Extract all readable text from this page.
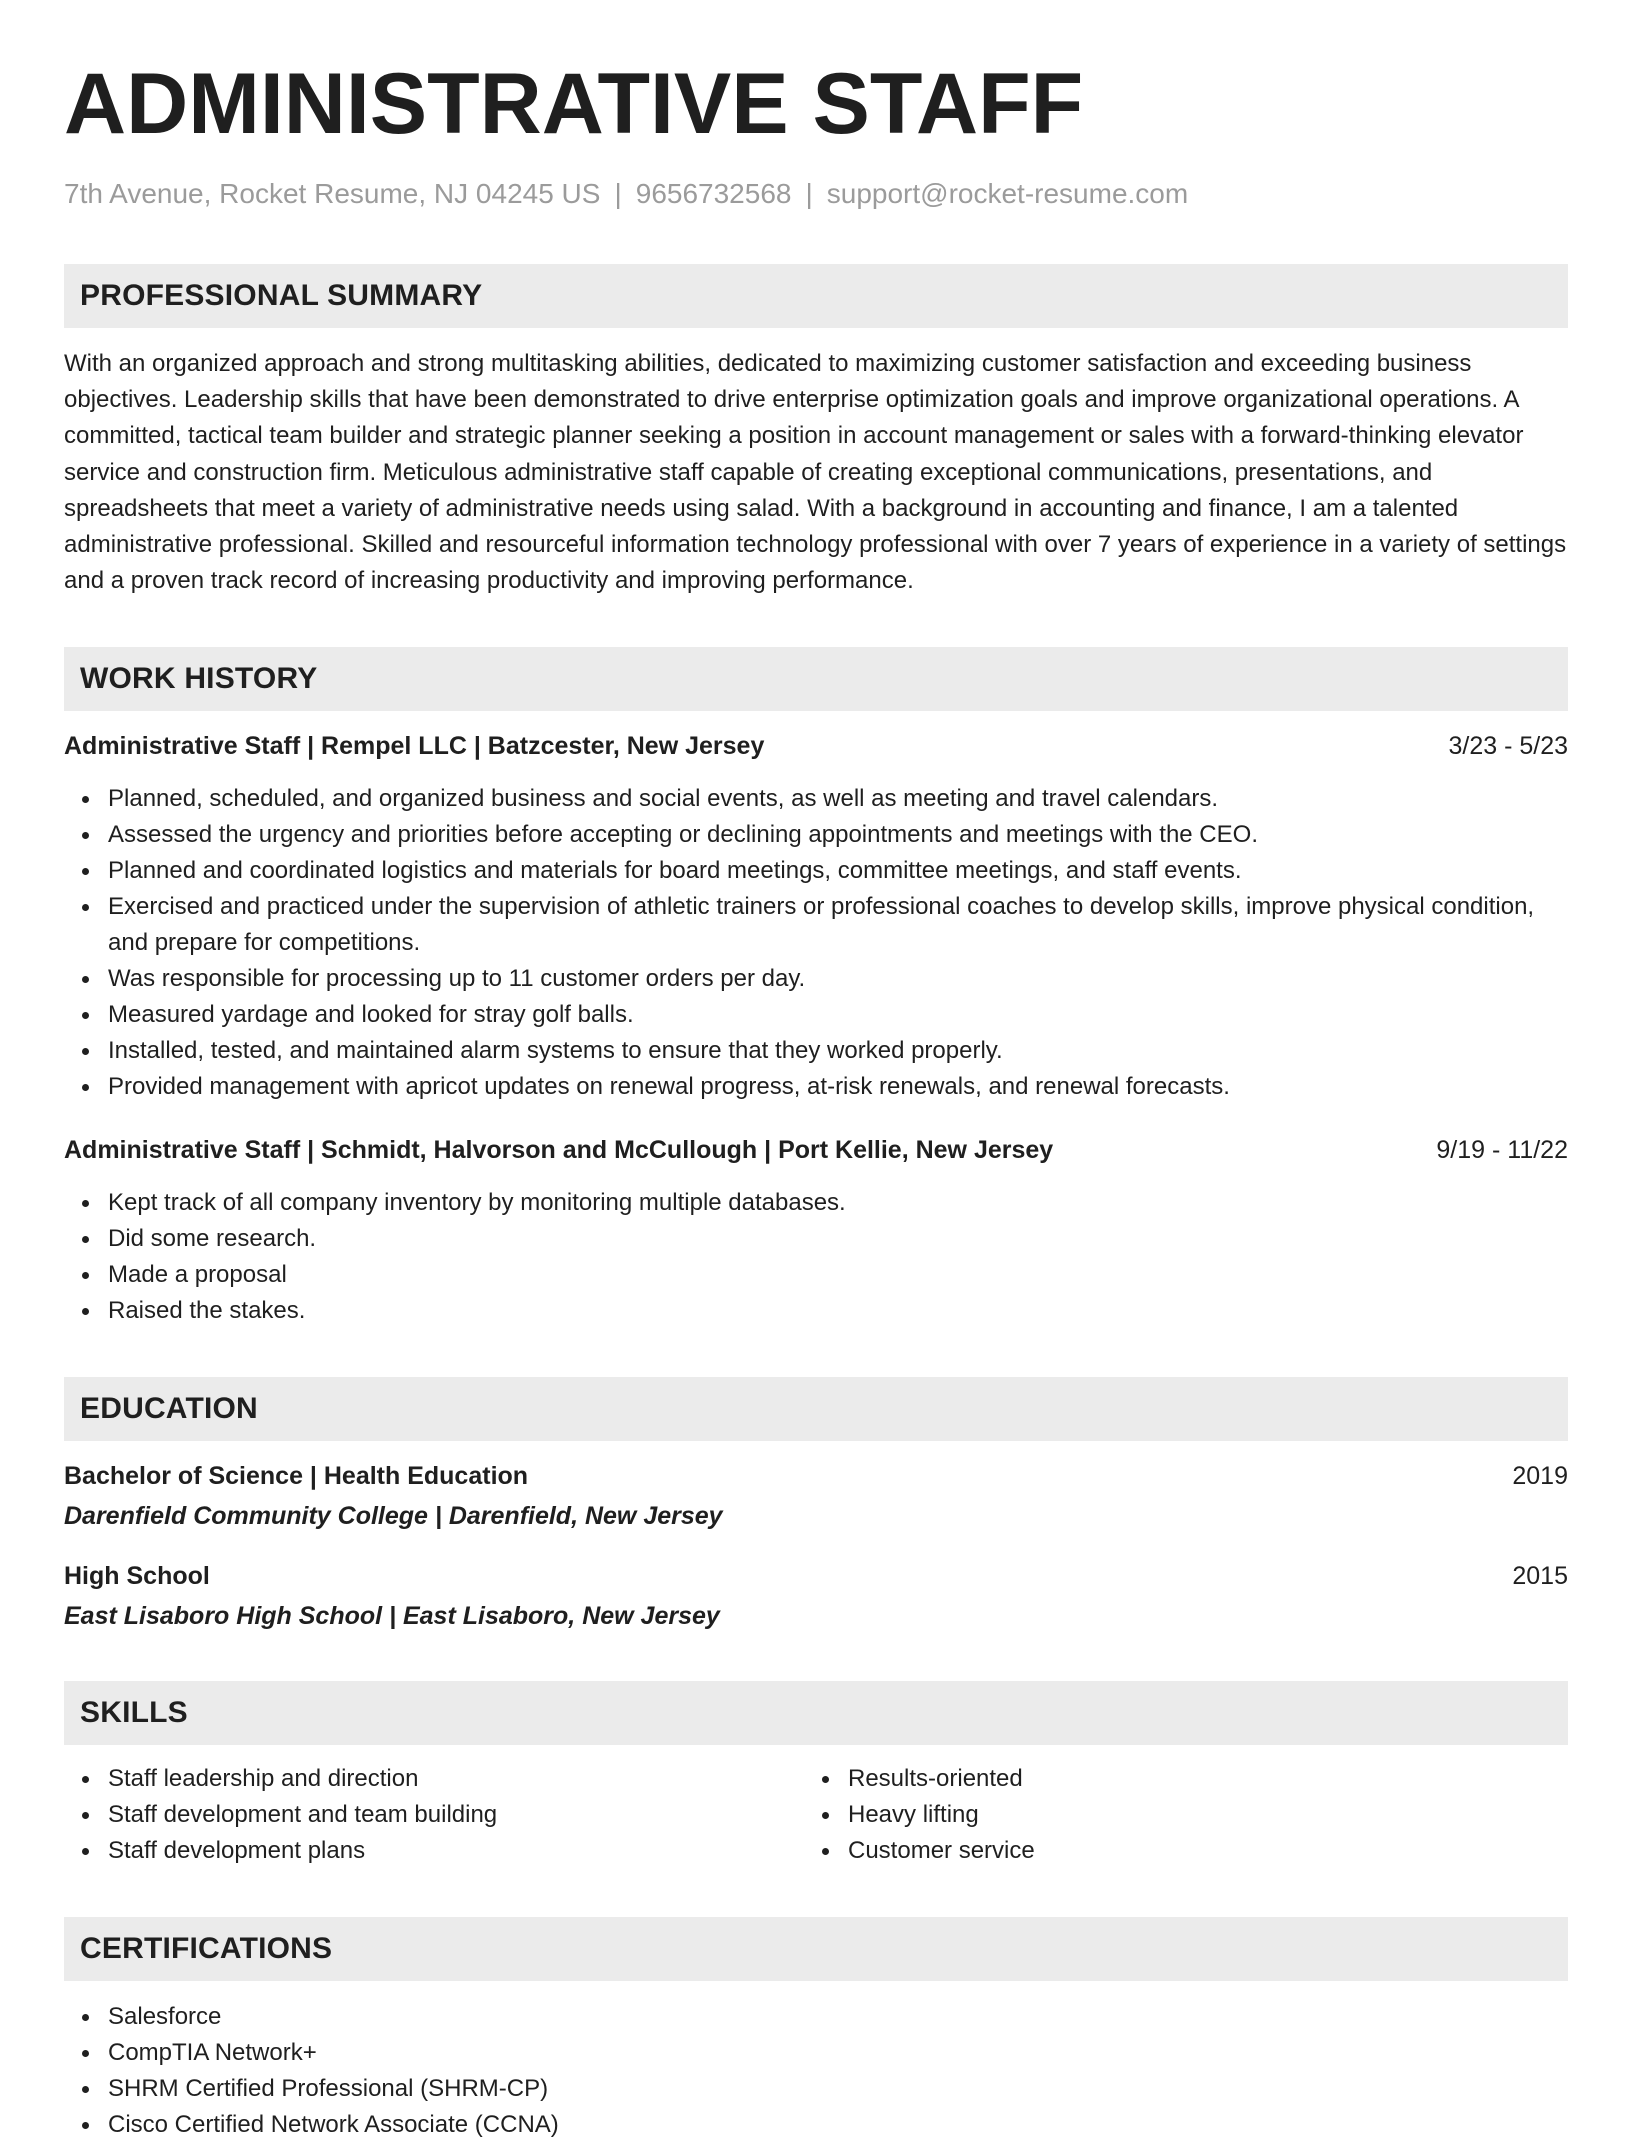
ADMINISTRATIVE STAFF
7th Avenue, Rocket Resume, NJ 04245 US | 9656732568 | support@rocket-resume.com
PROFESSIONAL SUMMARY

With an organized approach and strong multitasking abilities, dedicated to maximizing customer satisfaction and exceeding business objectives. Leadership skills that have been demonstrated to drive enterprise optimization goals and improve organizational operations. A committed, tactical team builder and strategic planner seeking a position in account management or sales with a forward-thinking elevator service and construction firm. Meticulous administrative staff capable of creating exceptional communications, presentations, and spreadsheets that meet a variety of administrative needs using salad. With a background in accounting and finance, I am a talented administrative professional. Skilled and resourceful information technology professional with over 7 years of experience in a variety of settings and a proven track record of increasing productivity and improving performance.

WORK HISTORY
Administrative Staff | Rempel LLC | Batzcester, New Jersey	3/23 - 5/23
Planned, scheduled, and organized business and social events, as well as meeting and travel calendars.
Assessed the urgency and priorities before accepting or declining appointments and meetings with the CEO.
Planned and coordinated logistics and materials for board meetings, committee meetings, and staff events.
Exercised and practiced under the supervision of athletic trainers or professional coaches to develop skills, improve physical condition, and prepare for competitions.
Was responsible for processing up to 11 customer orders per day.
Measured yardage and looked for stray golf balls.
Installed, tested, and maintained alarm systems to ensure that they worked properly.
Provided management with apricot updates on renewal progress, at-risk renewals, and renewal forecasts.
Administrative Staff | Schmidt, Halvorson and McCullough | Port Kellie, New Jersey	9/19 - 11/22
Kept track of all company inventory by monitoring multiple databases.
Did some research.
Made a proposal
Raised the stakes.
EDUCATION
Bachelor of Science | Health Education	2019
Darenfield Community College | Darenfield, New Jersey
High School	2015
East Lisaboro High School | East Lisaboro, New Jersey
SKILLS
Staff leadership and direction
Staff development and team building
Staff development plans
Results-oriented
Heavy lifting
Customer service
CERTIFICATIONS
Salesforce
CompTIA Network+
SHRM Certified Professional (SHRM-CP)
Cisco Certified Network Associate (CCNA)
